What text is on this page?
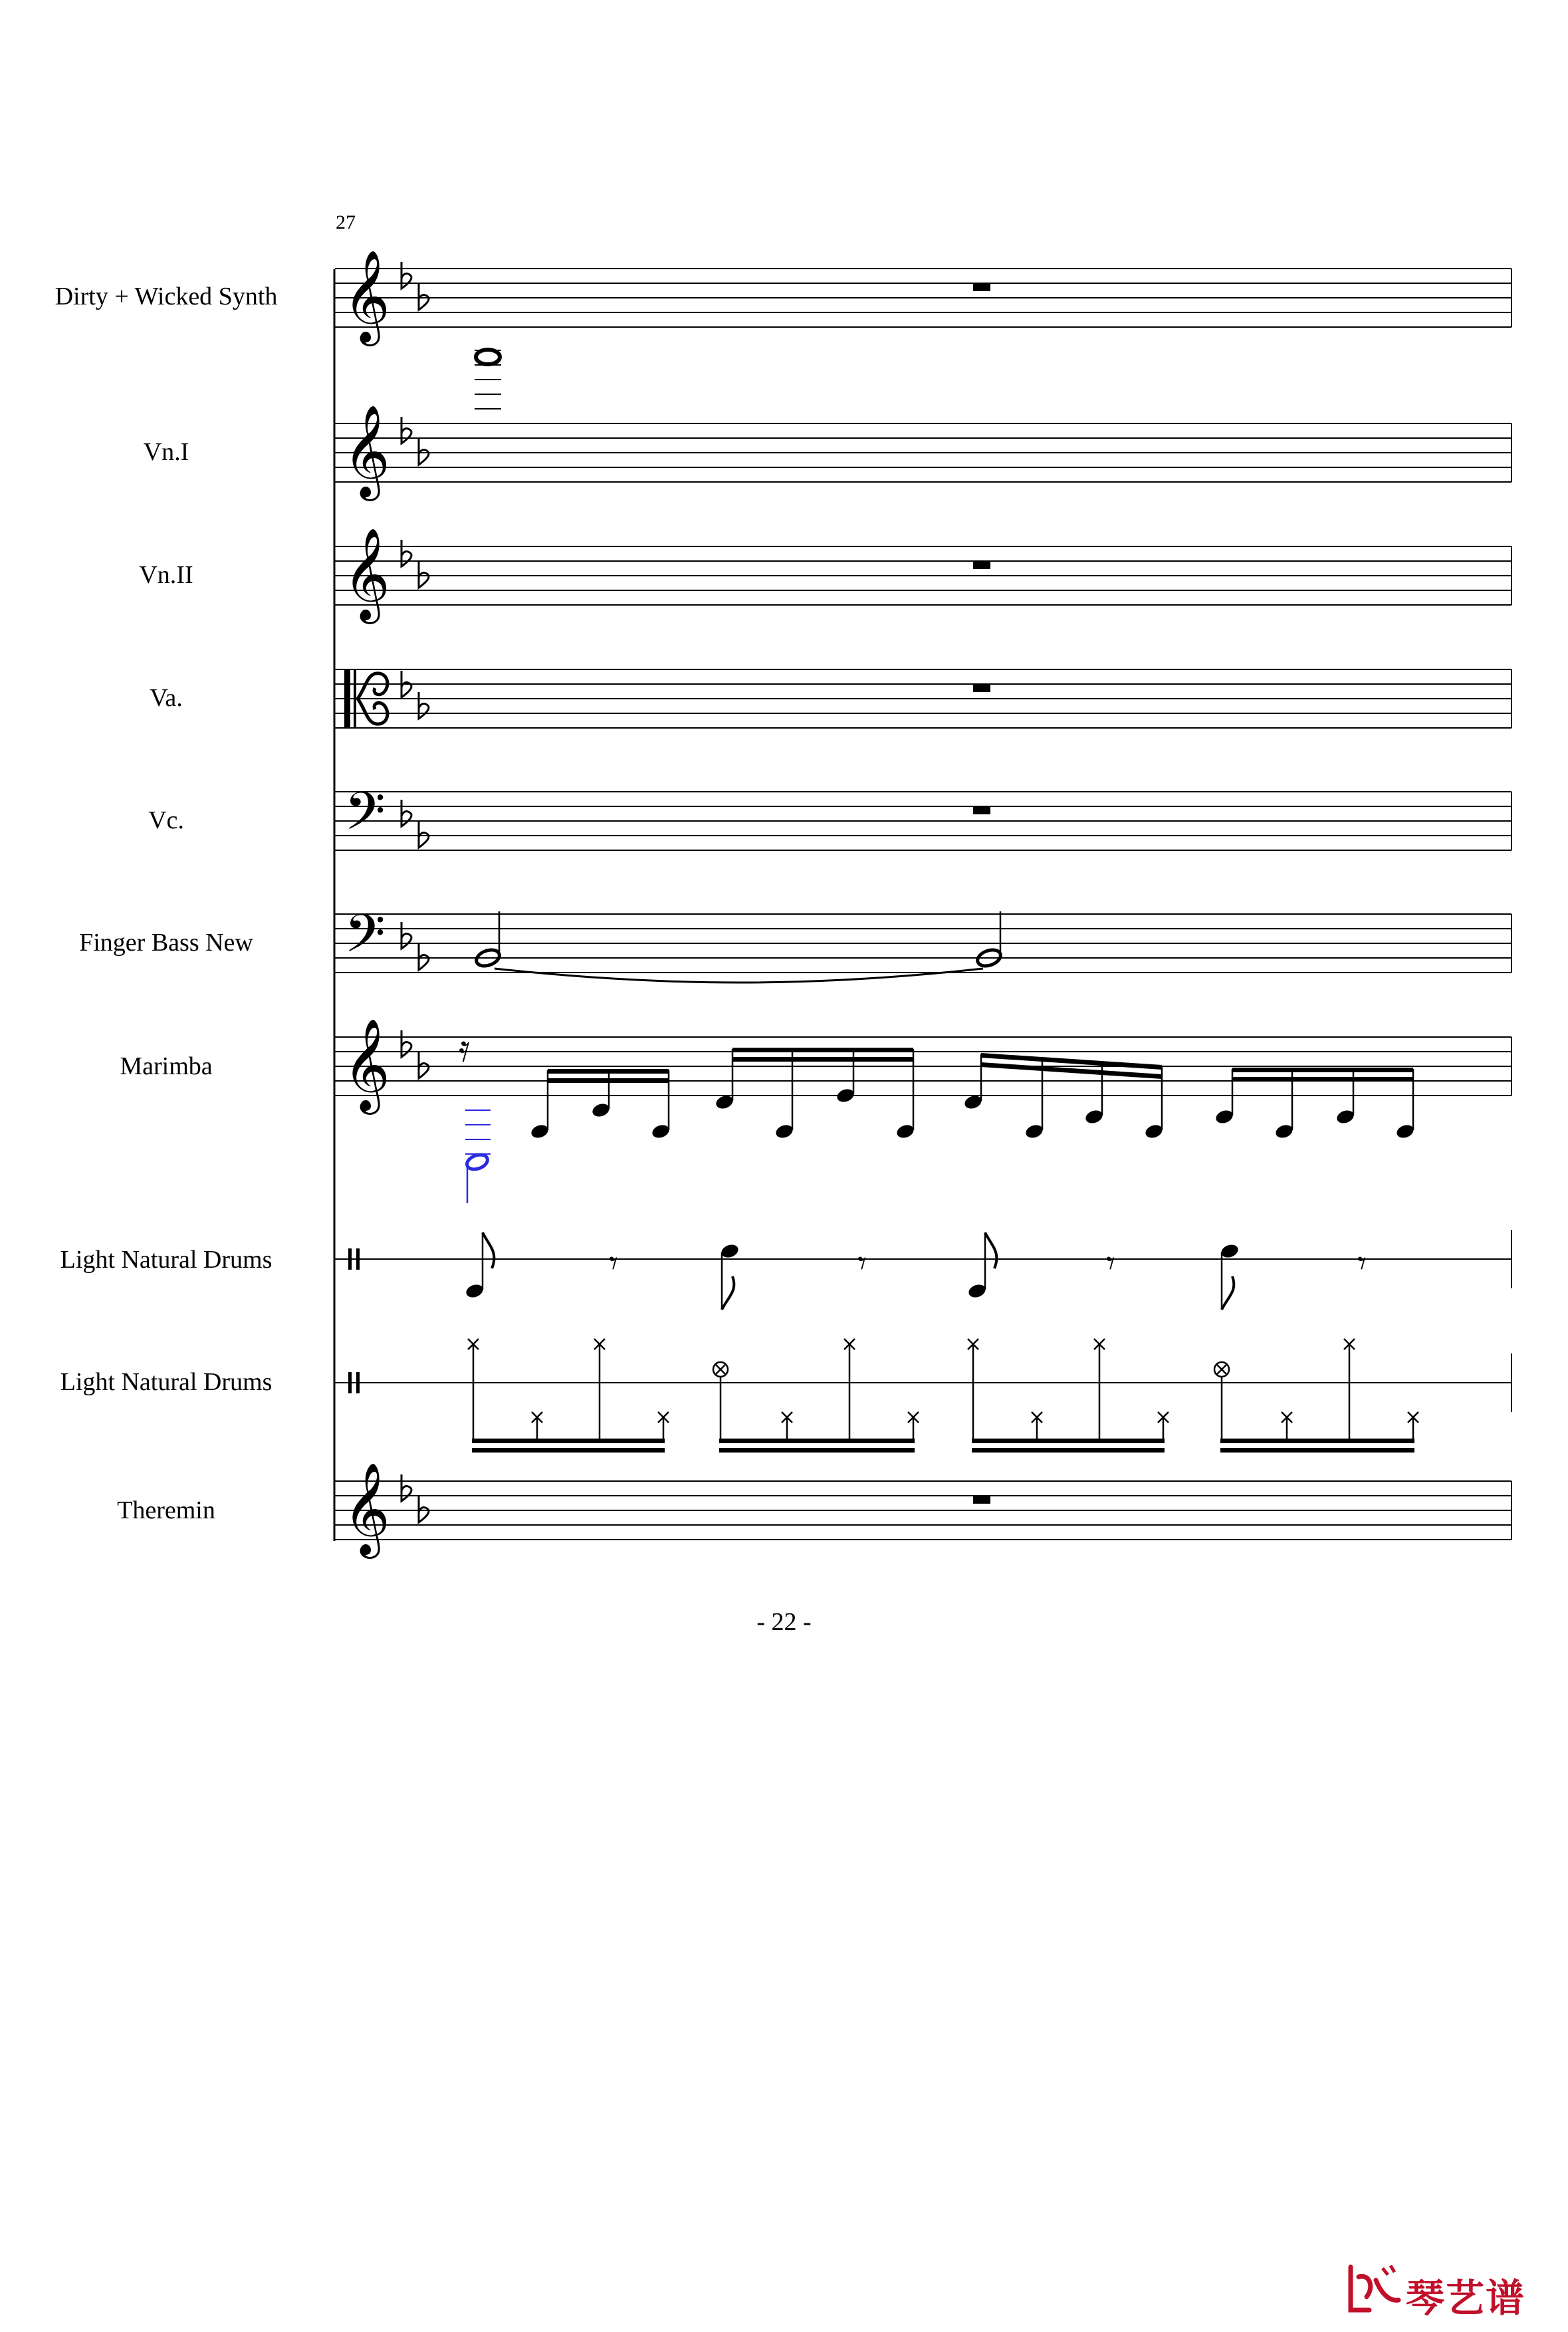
Dirty + Wicked Synth
Vn.I
Vn.II
Va.
Vc.
Finger Bass New
Marimba
Light Natural Drums
Light Natural Drums
Theremin
27
𝄞
𝄞
𝄞
𝄢
𝄢
𝄞 𝄿
𝄾	𝄾	𝄾	𝄾
𝄞
- 22 -
琴艺谱
